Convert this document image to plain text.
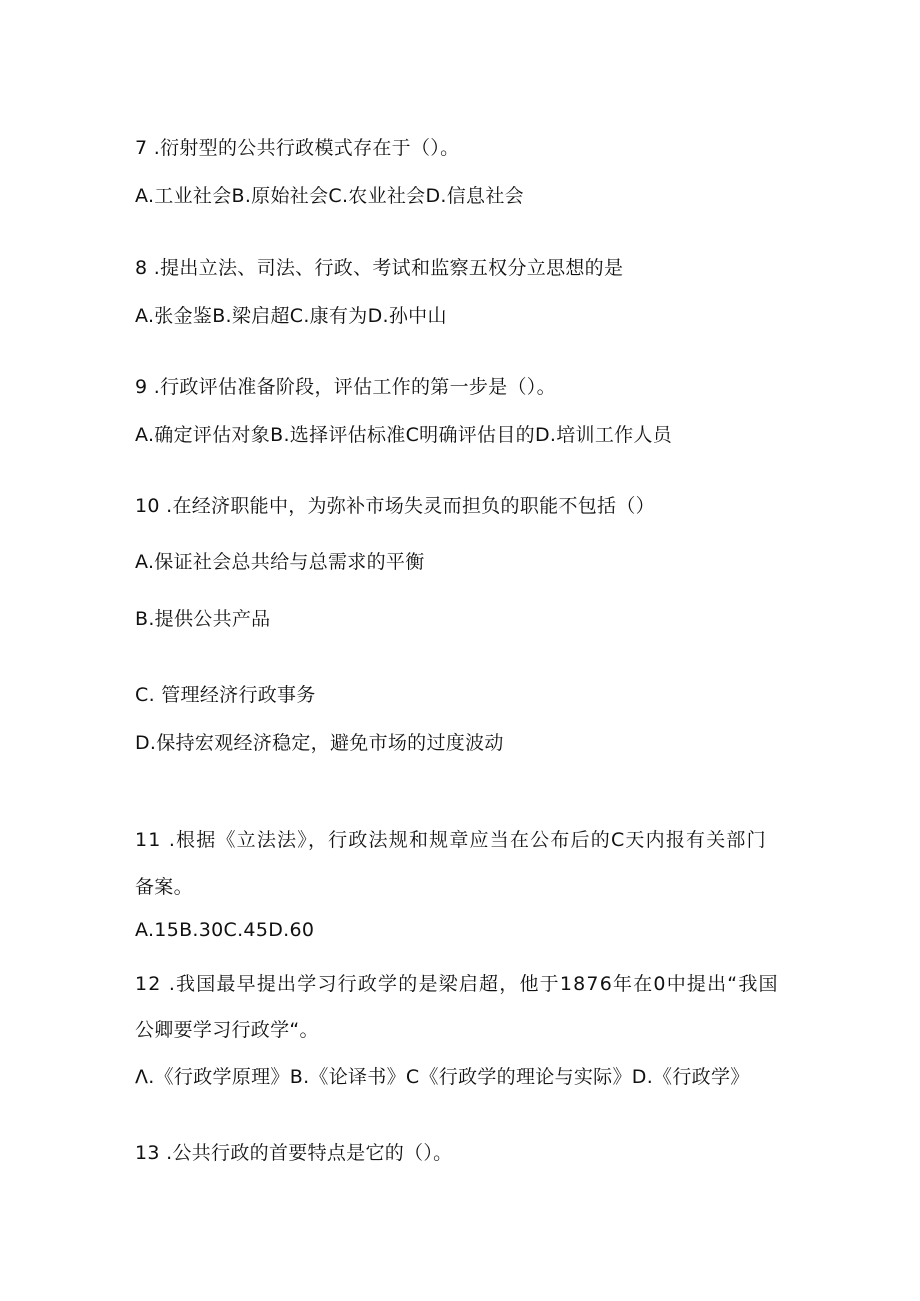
7 .衍射型的公共行政模式存在于（）。
A.工业社会B.原始社会C.农业社会D.信息社会
8 .提出立法、司法、行政、考试和监察五权分立思想的是
A.张金鉴B.梁启超C.康有为D.孙中山
9 .行政评估准备阶段，评估工作的第一步是（）。
A.确定评估对象B.选择评估标准C明确评估目的D.培训工作人员
10 .在经济职能中，为弥补市场失灵而担负的职能不包括（）
A.保证社会总共给与总需求的平衡
B.提供公共产品
C. 管理经济行政事务
D.保持宏观经济稳定，避免市场的过度波动
11 .根据《立法法》，行政法规和规章应当在公布后的C天内报有关部门
备案。
A.15B.30C.45D.60
12 .我国最早提出学习行政学的是梁启超，他于1876年在0中提出“我国
公卿要学习行政学“。
Λ.《行政学原理》B.《论译书》C《行政学的理论与实际》D.《行政学》
13 .公共行政的首要特点是它的（）。
